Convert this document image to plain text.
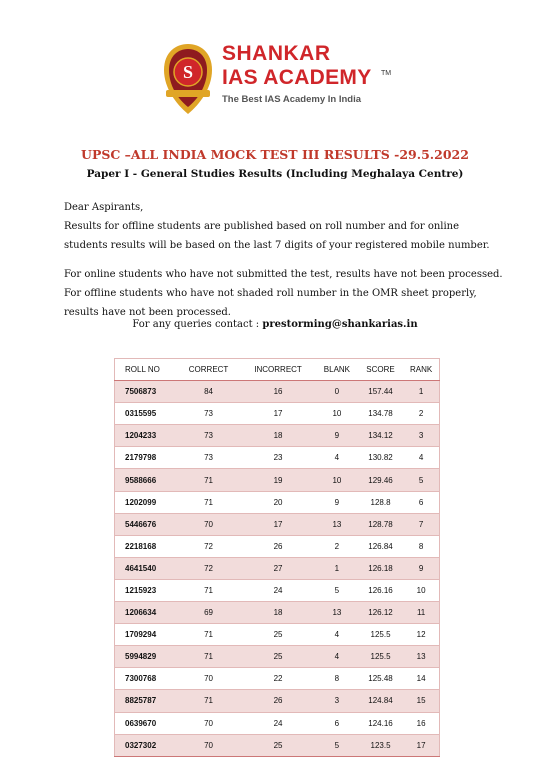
S
SHANKAR
IAS ACADEMY TM
The Best IAS Academy In India
UPSC –ALL INDIA MOCK TEST III RESULTS -29.5.2022
Paper I - General Studies Results (Including Meghalaya Centre)
Dear Aspirants,
Results for offline students are published based on roll number and for online students results will be based on the last 7 digits of your registered mobile number.
For online students who have not submitted the test, results have not been processed. For offline students who have not shaded roll number in the OMR sheet properly, results have not been processed.
For any queries contact : prestorming@shankarias.in
ROLL NO	CORRECT	INCORRECT	BLANK	SCORE	RANK
7506873	84	16	0	157.44	1
0315595	73	17	10	134.78	2
1204233	73	18	9	134.12	3
2179798	73	23	4	130.82	4
9588666	71	19	10	129.46	5
1202099	71	20	9	128.8	6
5446676	70	17	13	128.78	7
2218168	72	26	2	126.84	8
4641540	72	27	1	126.18	9
1215923	71	24	5	126.16	10
1206634	69	18	13	126.12	11
1709294	71	25	4	125.5	12
5994829	71	25	4	125.5	13
7300768	70	22	8	125.48	14
8825787	71	26	3	124.84	15
0639670	70	24	6	124.16	16
0327302	70	25	5	123.5	17
